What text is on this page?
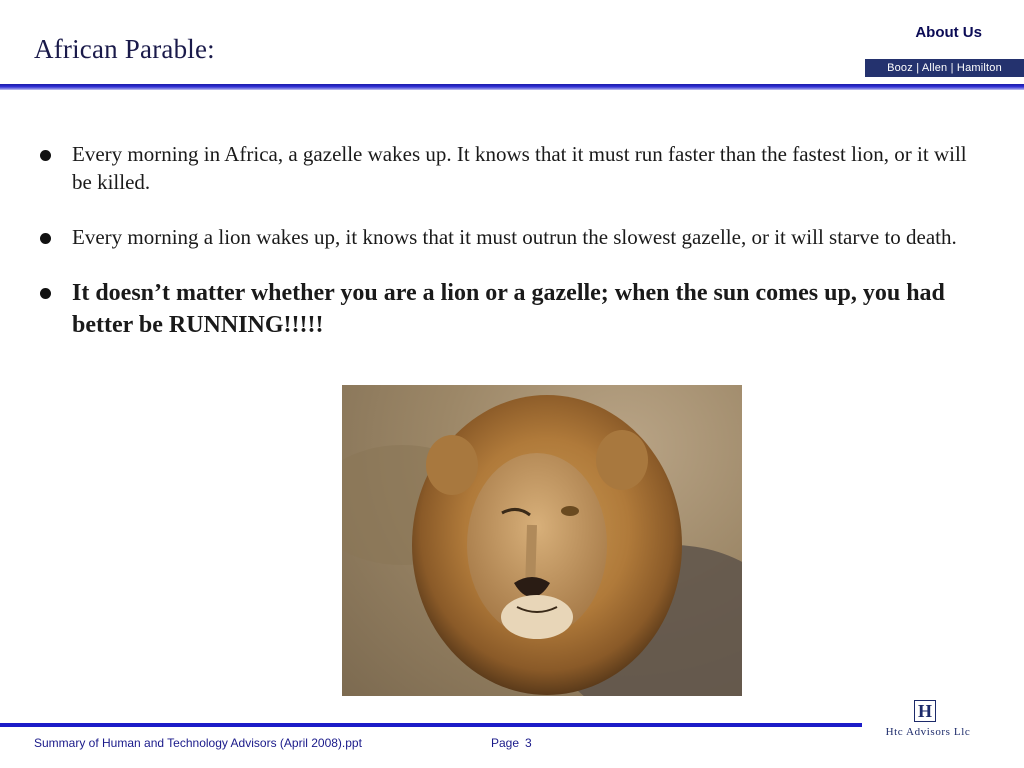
African Parable:
About Us
Booz | Allen | Hamilton
Every morning in Africa, a gazelle wakes up. It knows that it must run faster than the fastest lion, or it will be killed.
Every morning a lion wakes up, it knows that it must outrun the slowest gazelle, or it will starve to death.
It doesn’t matter whether you are a lion or a gazelle; when the sun comes up, you had better be RUNNING!!!!!
Summary of Human and Technology Advisors (April 2008).ppt	Page 3
H
Htc Advisors Llc
